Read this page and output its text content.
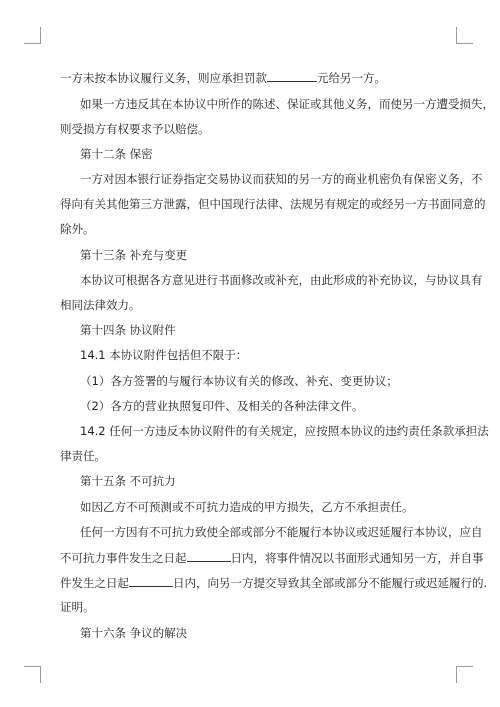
一方未按本协议履行义务，则应承担罚款	元给另一方。
如果一方违反其在本协议中所作的陈述、保证或其他义务，而使另一方遭受损失，
则受损方有权要求予以赔偿。
第十二条 保密
一方对因本银行证券指定交易协议而获知的另一方的商业机密负有保密义务，不
得向有关其他第三方泄露，但中国现行法律、法规另有规定的或经另一方书面同意的
除外。
第十三条 补充与变更
本协议可根据各方意见进行书面修改或补充，由此形成的补充协议，与协议具有
相同法律效力。
第十四条 协议附件
14.1 本协议附件包括但不限于：
（1）各方签署的与履行本协议有关的修改、补充、变更协议；
（2）各方的营业执照复印件、及相关的各种法律文件。
14.2 任何一方违反本协议附件的有关规定，应按照本协议的违约责任条款承担法
律责任。
第十五条 不可抗力
如因乙方不可预测或不可抗力造成的甲方损失，乙方不承担责任。
任何一方因有不可抗力致使全部或部分不能履行本协议或迟延履行本协议，应自
不可抗力事件发生之日起	日内，将事件情况以书面形式通知另一方，并自事
件发生之日起	日内，向另一方提交导致其全部或部分不能履行或迟延履行的.
证明。
第十六条 争议的解决
